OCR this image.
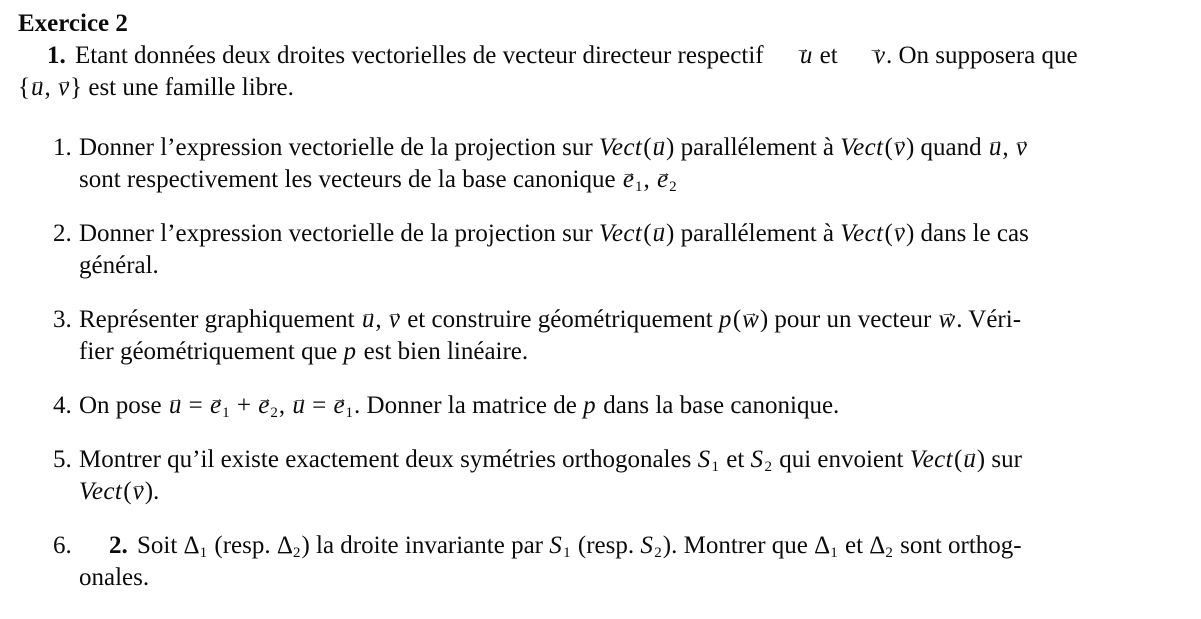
Exercice 2
1. Etant données deux droites vectorielles de vecteur directeur respectif → u et → v. On supposera que
{→ u, → v} est une famille libre.
1. Donner l’expression vectorielle de la projection sur Vect(→ u) parallélement à Vect(→ v) quand → u, → v
sont respectivement les vecteurs de la base canonique → $e_1$, → $e_2$
2. Donner l’expression vectorielle de la projection sur Vect(→ u) parallélement à Vect(→ v) dans le cas
général.
3. Représenter graphiquement → u, → v et construire géométriquement p(→ w) pour un vecteur → w. Véri-
fier géométriquement que p est bien linéaire.
4. On pose → u = → $e_1$ + → $e_2$, → u = → $e_1$. Donner la matrice de p dans la base canonique.
5. Montrer qu’il existe exactement deux symétries orthogonales $S_1$ et $S_2$ qui envoient Vect(→ u) sur
Vect(→ v).
6.	2. Soit $\Delta_1$ (resp. $\Delta_2$) la droite invariante par $S_1$ (resp. $S_2$). Montrer que $\Delta_1$ et $\Delta_2$ sont orthog-
onales.
